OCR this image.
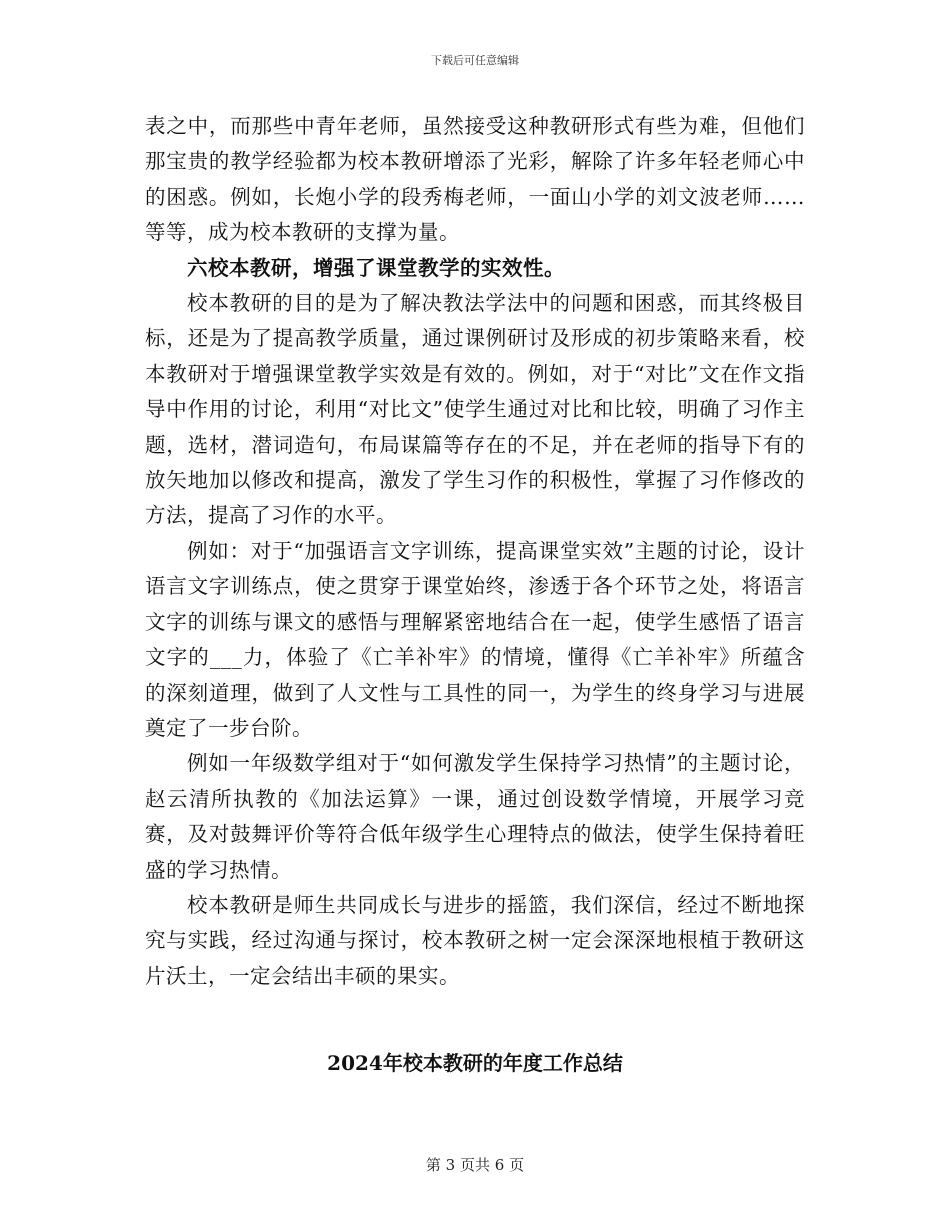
下载后可任意编辑

表之中，而那些中青年老师，虽然接受这种教研形式有些为难，但他们那宝贵的教学经验都为校本教研增添了光彩，解除了许多年轻老师心中的困惑。例如，长炮小学的段秀梅老师，一面山小学的刘文波老师……等等，成为校本教研的支撑为量。

六校本教研，增强了课堂教学的实效性。

校本教研的目的是为了解决教法学法中的问题和困惑，而其终极目标，还是为了提高教学质量，通过课例研讨及形成的初步策略来看，校本教研对于增强课堂教学实效是有效的。例如，对于“对比”文在作文指导中作用的讨论，利用“对比文”使学生通过对比和比较，明确了习作主题，选材，潜词造句，布局谋篇等存在的不足，并在老师的指导下有的放矢地加以修改和提高，激发了学生习作的积极性，掌握了习作修改的方法，提高了习作的水平。

例如：对于“加强语言文字训练，提高课堂实效”主题的讨论，设计语言文字训练点，使之贯穿于课堂始终，渗透于各个环节之处，将语言文字的训练与课文的感悟与理解紧密地结合在一起，使学生感悟了语言文字的___力，体验了《亡羊补牢》的情境，懂得《亡羊补牢》所蕴含的深刻道理，做到了人文性与工具性的同一，为学生的终身学习与进展奠定了一步台阶。

例如一年级数学组对于“如何激发学生保持学习热情”的主题讨论，赵云清所执教的《加法运算》一课，通过创设数学情境，开展学习竞赛，及对鼓舞评价等符合低年级学生心理特点的做法，使学生保持着旺盛的学习热情。

校本教研是师生共同成长与进步的摇篮，我们深信，经过不断地探究与实践，经过沟通与探讨，校本教研之树一定会深深地根植于教研这片沃土，一定会结出丰硕的果实。

2024年校本教研的年度工作总结
第 3 页共 6 页
